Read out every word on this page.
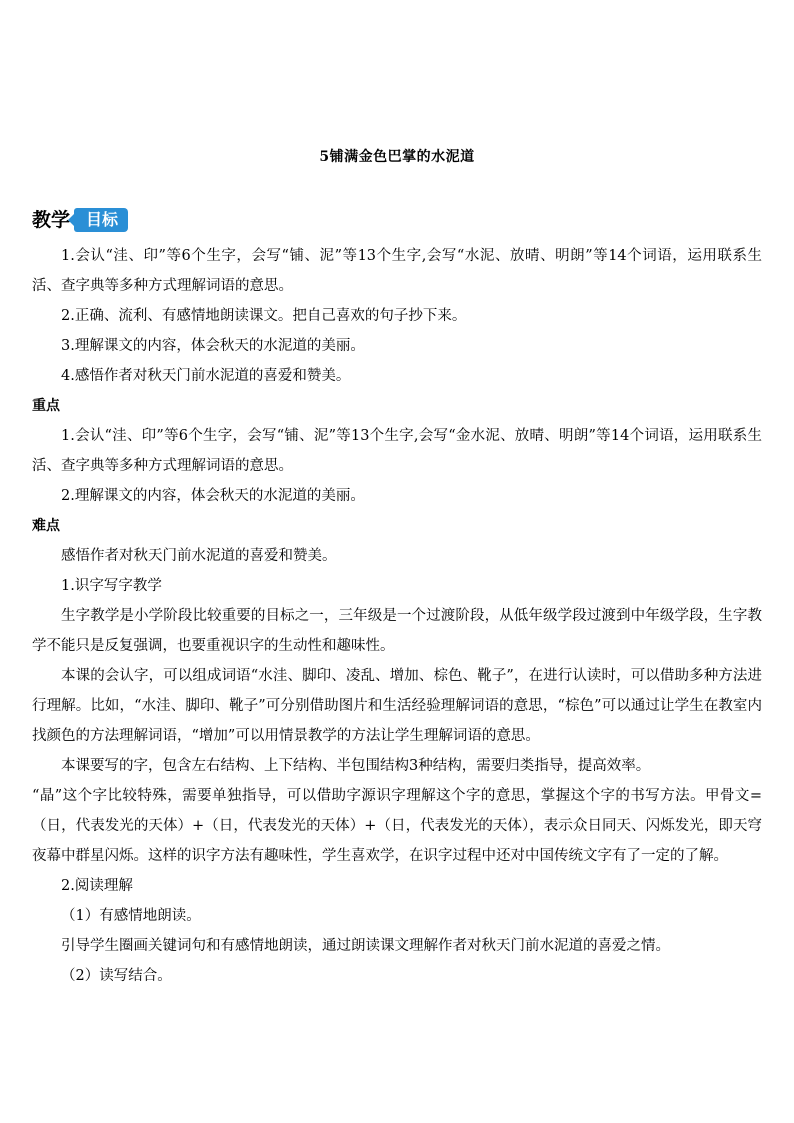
5铺满金色巴掌的水泥道
教学	目标

1.会认“洼、印”等6个生字，会写“铺、泥”等13个生字,会写“水泥、放晴、明朗”等14个词语，运用联系生活、查字典等多种方式理解词语的意思。

2.正确、流利、有感情地朗读课文。把自己喜欢的句子抄下来。

3.理解课文的内容，体会秋天的水泥道的美丽。

4.感悟作者对秋天门前水泥道的喜爱和赞美。

重点

1.会认“洼、印”等6个生字，会写“铺、泥”等13个生字,会写“金水泥、放晴、明朗”等14个词语，运用联系生活、查字典等多种方式理解词语的意思。

2.理解课文的内容，体会秋天的水泥道的美丽。

难点

感悟作者对秋天门前水泥道的喜爱和赞美。

1.识字写字教学

生字教学是小学阶段比较重要的目标之一，三年级是一个过渡阶段，从低年级学段过渡到中年级学段，生字教学不能只是反复强调，也要重视识字的生动性和趣味性。

本课的会认字，可以组成词语“水洼、脚印、凌乱、增加、棕色、靴子”，在进行认读时，可以借助多种方法进行理解。比如，“水洼、脚印、靴子”可分别借助图片和生活经验理解词语的意思，“棕色”可以通过让学生在教室内找颜色的方法理解词语，“增加”可以用情景教学的方法让学生理解词语的意思。

本课要写的字，包含左右结构、上下结构、半包围结构3种结构，需要归类指导，提高效率。

“晶”这个字比较特殊，需要单独指导，可以借助字源识字理解这个字的意思，掌握这个字的书写方法。甲骨文=（日，代表发光的天体）+（日，代表发光的天体）+（日，代表发光的天体），表示众日同天、闪烁发光，即天穹夜幕中群星闪烁。这样的识字方法有趣味性，学生喜欢学，在识字过程中还对中国传统文字有了一定的了解。

2.阅读理解

（1）有感情地朗读。

引导学生圈画关键词句和有感情地朗读，通过朗读课文理解作者对秋天门前水泥道的喜爱之情。

（2）读写结合。
